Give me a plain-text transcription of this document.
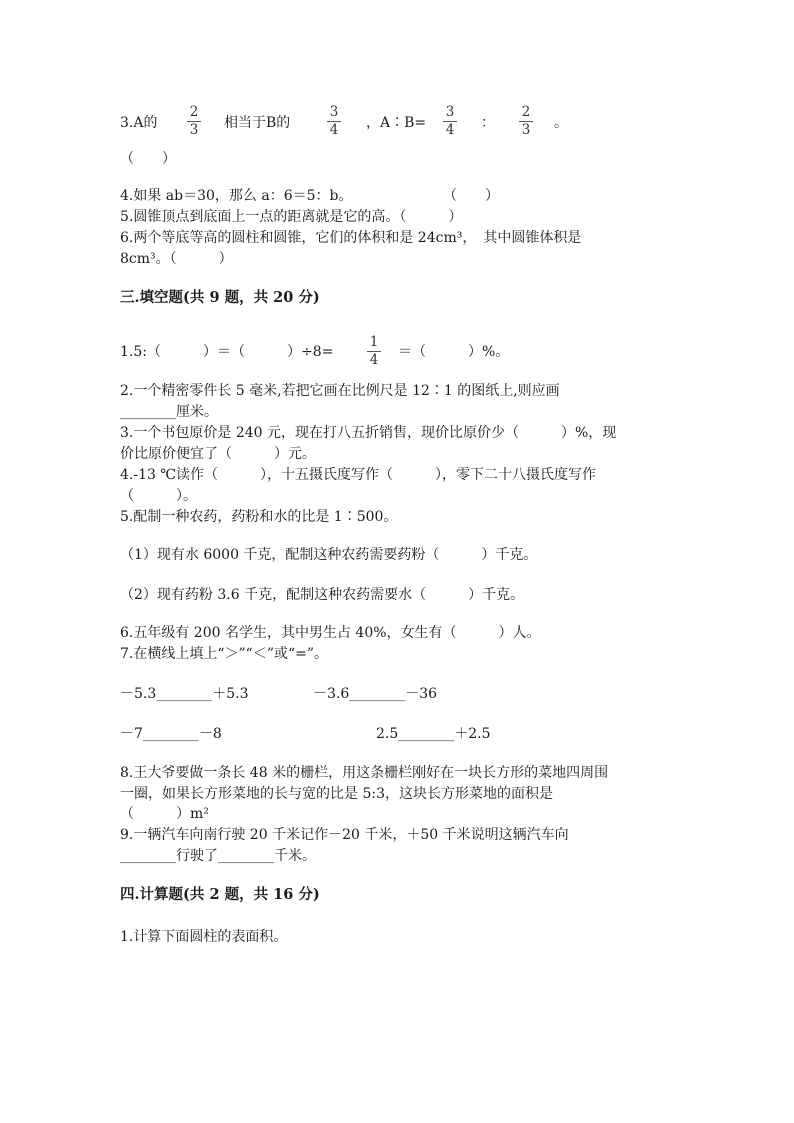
3.A的
2
3 相当于B的
3
4 ，A∶B=
3
4 ：
2
3 。
（　　）
4.如果 ab＝30，那么 a：6＝5：b。	（　　）
5.圆锥顶点到底面上一点的距离就是它的高。（　　　）
6.两个等底等高的圆柱和圆锥，它们的体积和是 24cm³，　其中圆锥体积是
8cm³。（　　　）
三.填空题(共 9 题，共 20 分)
1.5:（　　　）＝（　　　）÷8=
1
4 ＝（　　　）%。
2.一个精密零件长 5 毫米,若把它画在比例尺是 12∶1 的图纸上,则应画
________厘米。
3.一个书包原价是 240 元，现在打八五折销售，现价比原价少（　　　）%，现
价比原价便宜了（　　　）元。
4.-13 ℃读作（　　　），十五摄氏度写作（　　　），零下二十八摄氏度写作
（　　　）。
5.配制一种农药，药粉和水的比是 1∶500。
（1）现有水 6000 千克，配制这种农药需要药粉（　　　）千克。
（2）现有药粉 3.6 千克，配制这种农药需要水（　　　）千克。
6.五年级有 200 名学生，其中男生占 40%，女生有（　　　）人。
7.在横线上填上“＞”“＜”或“=”。
－5.3________＋5.3	－3.6________－36
－7________－8	2.5________＋2.5
8.王大爷要做一条长 48 米的栅栏，用这条栅栏刚好在一块长方形的菜地四周围
一圈，如果长方形菜地的长与宽的比是 5:3，这块长方形菜地的面积是
（　　　）m²
9.一辆汽车向南行驶 20 千米记作－20 千米，＋50 千米说明这辆汽车向
________行驶了________千米。
四.计算题(共 2 题，共 16 分)
1.计算下面圆柱的表面积。
